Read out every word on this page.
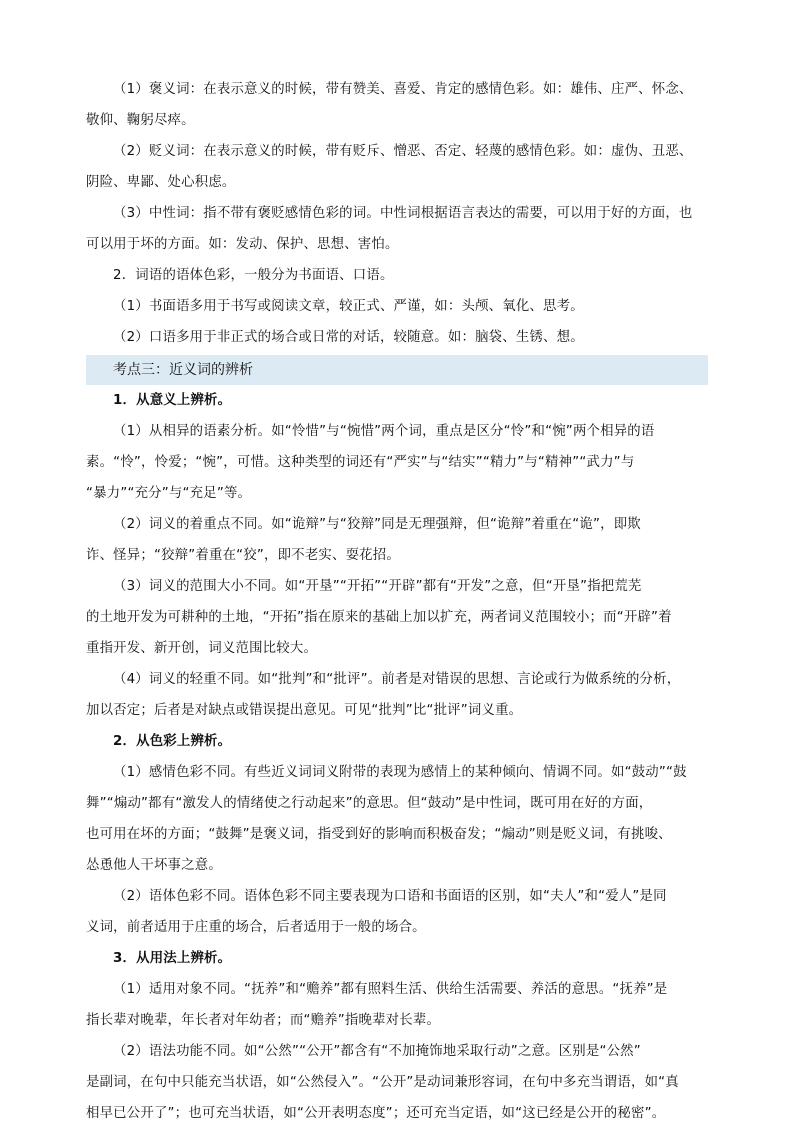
（1）褒义词：在表示意义的时候，带有赞美、喜爱、肯定的感情色彩。如：雄伟、庄严、怀念、
敬仰、鞠躬尽瘁。

（2）贬义词：在表示意义的时候，带有贬斥、憎恶、否定、轻蔑的感情色彩。如：虚伪、丑恶、
阴险、卑鄙、处心积虑。

（3）中性词：指不带有褒贬感情色彩的词。中性词根据语言表达的需要，可以用于好的方面，也
可以用于坏的方面。如：发动、保护、思想、害怕。

2．词语的语体色彩，一般分为书面语、口语。

（1）书面语多用于书写或阅读文章，较正式、严谨，如：头颅、氧化、思考。

（2）口语多用于非正式的场合或日常的对话，较随意。如：脑袋、生锈、想。

考点三：近义词的辨析

1．从意义上辨析。

（1）从相异的语素分析。如“怜惜”与“惋惜”两个词，重点是区分“怜”和“惋”两个相异的语
素。“怜”，怜爱；“惋”，可惜。这种类型的词还有“严实”与“结实”“精力”与“精神”“武力”与
“暴力”“充分”与“充足”等。

（2）词义的着重点不同。如“诡辩”与“狡辩”同是无理强辩，但“诡辩”着重在“诡”，即欺
诈、怪异；“狡辩”着重在“狡”，即不老实、耍花招。

（3）词义的范围大小不同。如“开垦”“开拓”“开辟”都有“开发”之意，但“开垦”指把荒芜
的土地开发为可耕种的土地，“开拓”指在原来的基础上加以扩充，两者词义范围较小；而“开辟”着
重指开发、新开创，词义范围比较大。

（4）词义的轻重不同。如“批判”和“批评”。前者是对错误的思想、言论或行为做系统的分析，
加以否定；后者是对缺点或错误提出意见。可见“批判”比“批评”词义重。

2．从色彩上辨析。

（1）感情色彩不同。有些近义词词义附带的表现为感情上的某种倾向、情调不同。如“鼓动”“鼓
舞”“煽动”都有“激发人的情绪使之行动起来”的意思。但“鼓动”是中性词，既可用在好的方面，
也可用在坏的方面；“鼓舞”是褒义词，指受到好的影响而积极奋发；“煽动”则是贬义词，有挑唆、
怂恿他人干坏事之意。

（2）语体色彩不同。语体色彩不同主要表现为口语和书面语的区别，如“夫人”和“爱人”是同
义词，前者适用于庄重的场合，后者适用于一般的场合。

3．从用法上辨析。

（1）适用对象不同。“抚养”和“赡养”都有照料生活、供给生活需要、养活的意思。“抚养”是
指长辈对晚辈，年长者对年幼者；而“赡养”指晚辈对长辈。

（2）语法功能不同。如“公然”“公开”都含有“不加掩饰地采取行动”之意。区别是“公然”
是副词，在句中只能充当状语，如“公然侵入”。“公开”是动词兼形容词，在句中多充当谓语，如“真
相早已公开了”；也可充当状语，如“公开表明态度”；还可充当定语，如“这已经是公开的秘密”。
